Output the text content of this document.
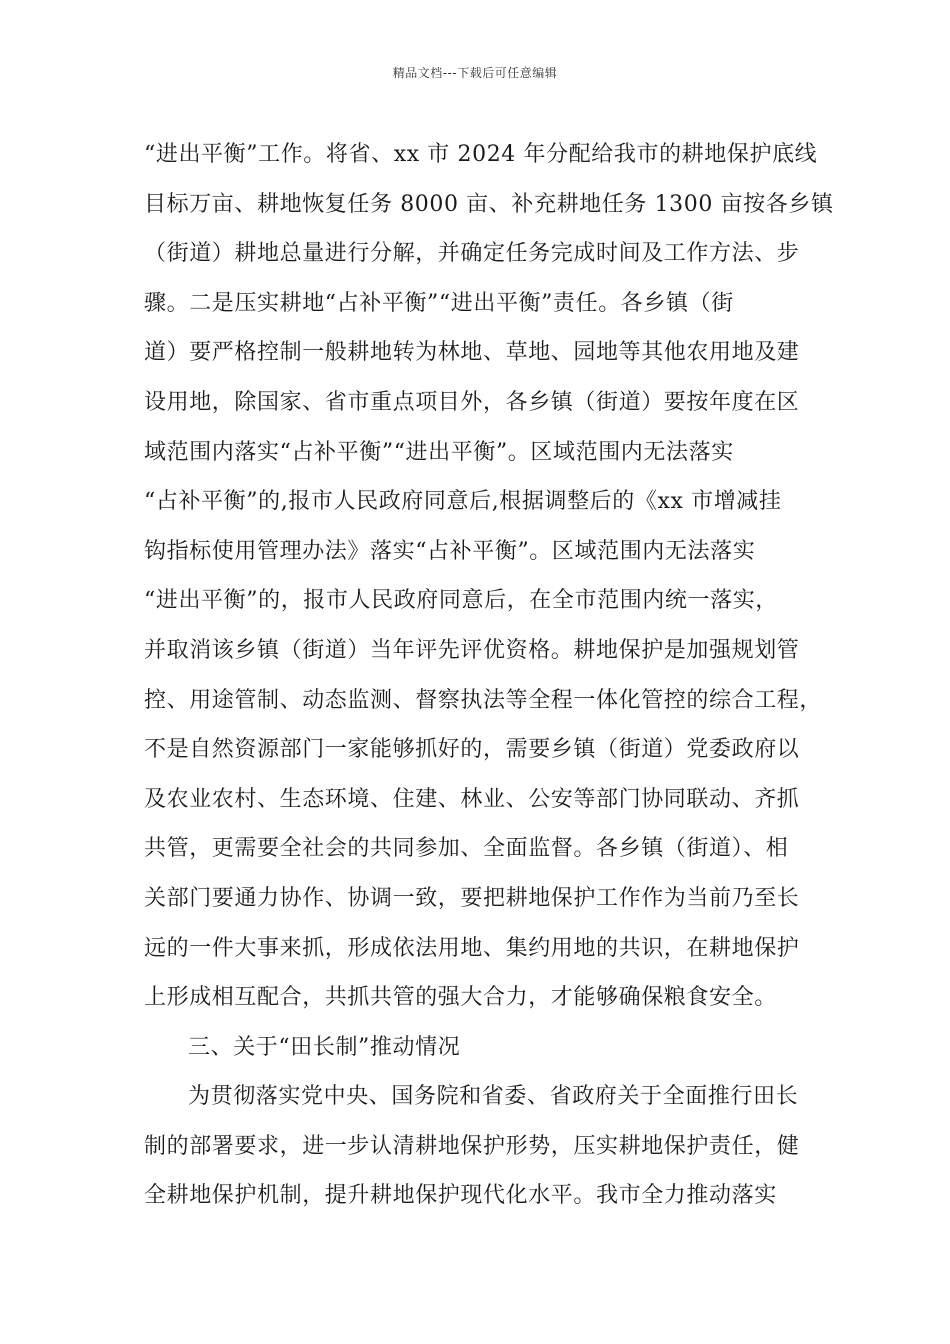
精品文档---下载后可任意编辑
“进出平衡”工作。将省、xx 市 2024 年分配给我市的耕地保护底线
目标万亩、耕地恢复任务 8000 亩、补充耕地任务 1300 亩按各乡镇
（街道）耕地总量进行分解，并确定任务完成时间及工作方法、步
骤。二是压实耕地“占补平衡”“进出平衡”责任。各乡镇（街
道）要严格控制一般耕地转为林地、草地、园地等其他农用地及建
设用地，除国家、省市重点项目外，各乡镇（街道）要按年度在区
域范围内落实“占补平衡”“进出平衡”。区域范围内无法落实
“占补平衡”的,报市人民政府同意后,根据调整后的《xx 市增减挂
钩指标使用管理办法》落实“占补平衡”。区域范围内无法落实
“进出平衡”的，报市人民政府同意后，在全市范围内统一落实，
并取消该乡镇（街道）当年评先评优资格。耕地保护是加强规划管
控、用途管制、动态监测、督察执法等全程一体化管控的综合工程，
不是自然资源部门一家能够抓好的，需要乡镇（街道）党委政府以
及农业农村、生态环境、住建、林业、公安等部门协同联动、齐抓
共管，更需要全社会的共同参加、全面监督。各乡镇（街道）、相
关部门要通力协作、协调一致，要把耕地保护工作作为当前乃至长
远的一件大事来抓，形成依法用地、集约用地的共识，在耕地保护
上形成相互配合，共抓共管的强大合力，才能够确保粮食安全。
三、关于“田长制”推动情况
为贯彻落实党中央、国务院和省委、省政府关于全面推行田长
制的部署要求，进一步认清耕地保护形势，压实耕地保护责任，健
全耕地保护机制，提升耕地保护现代化水平。我市全力推动落实
